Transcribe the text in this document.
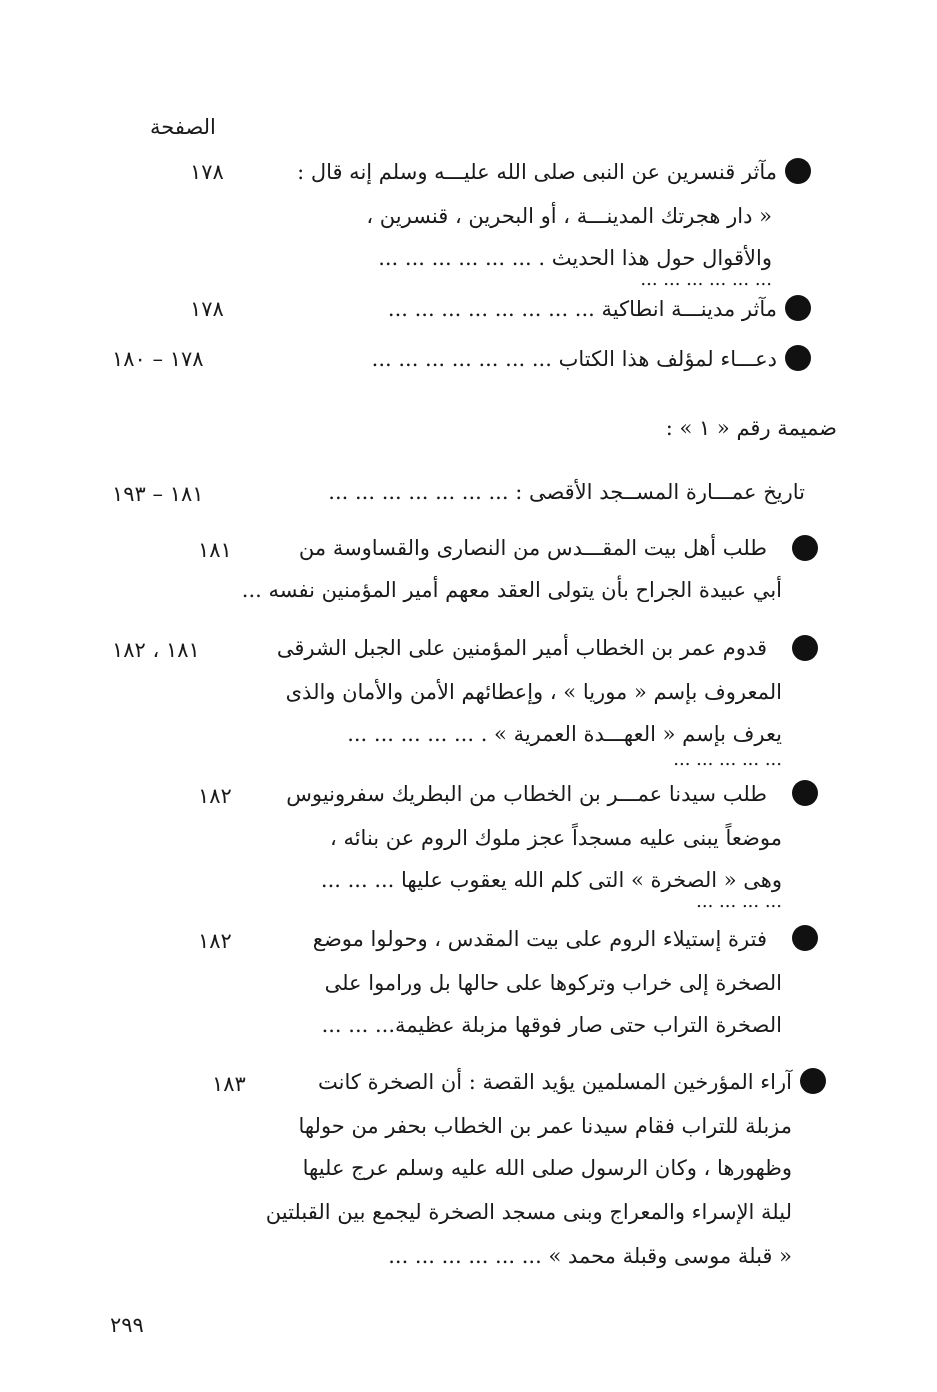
الصفحة
مآثر قنسرين عن النبى صلى الله عليـــه وسلم إنه قال :
« دار هجرتك المدينـــة ، أو البحرين ، قنسرين ،
والأقوال حول هذا الحديث . ... ... ... ... ... ...
... ... ... ... ... ...
١٧٨
مآثر مدينـــة انطاكية ... ... ... ... ... ... ... ...
١٧٨
دعـــاء لمؤلف هذا الكتاب ... ... ... ... ... ... ...
١٧٨ – ١٨٠
ضميمة رقم « ١ » :
تاريخ عمـــارة المســجد الأقصى : ... ... ... ... ... ... ...
١٨١ – ١٩٣
طلب أهل بيت المقـــدس من النصارى والقساوسة من
أبي عبيدة الجراح بأن يتولى العقد معهم أمير المؤمنين نفسه ...
١٨١
قدوم عمر بن الخطاب أمير المؤمنين على الجبل الشرقى
المعروف بإسم « موريا » ، وإعطائهم الأمن والأمان والذى
يعرف بإسم « العهـــدة العمرية » . ... ... ... ... ...
... ... ... ... ...
١٨١ ، ١٨٢
طلب سيدنا عمـــر بن الخطاب من البطريك سفرونيوس
موضعاً يبنى عليه مسجداً عجز ملوك الروم عن بنائه ،
وهى « الصخرة » التى كلم الله يعقوب عليها ... ... ...
... ... ... ...
١٨٢
فترة إستيلاء الروم على بيت المقدس ، وحولوا موضع
الصخرة إلى خراب وتركوها على حالها بل وراموا على
الصخرة التراب حتى صار فوقها مزبلة عظيمة... ... ...
١٨٢
آراء المؤرخين المسلمين يؤيد القصة : أن الصخرة كانت
مزبلة للتراب فقام سيدنا عمر بن الخطاب بحفر من حولها
وظهورها ، وكان الرسول صلى الله عليه وسلم عرج عليها
ليلة الإسراء والمعراج وبنى مسجد الصخرة ليجمع بين القبلتين
« قبلة موسى وقبلة محمد » ... ... ... ... ... ...
١٨٣
٢٩٩
